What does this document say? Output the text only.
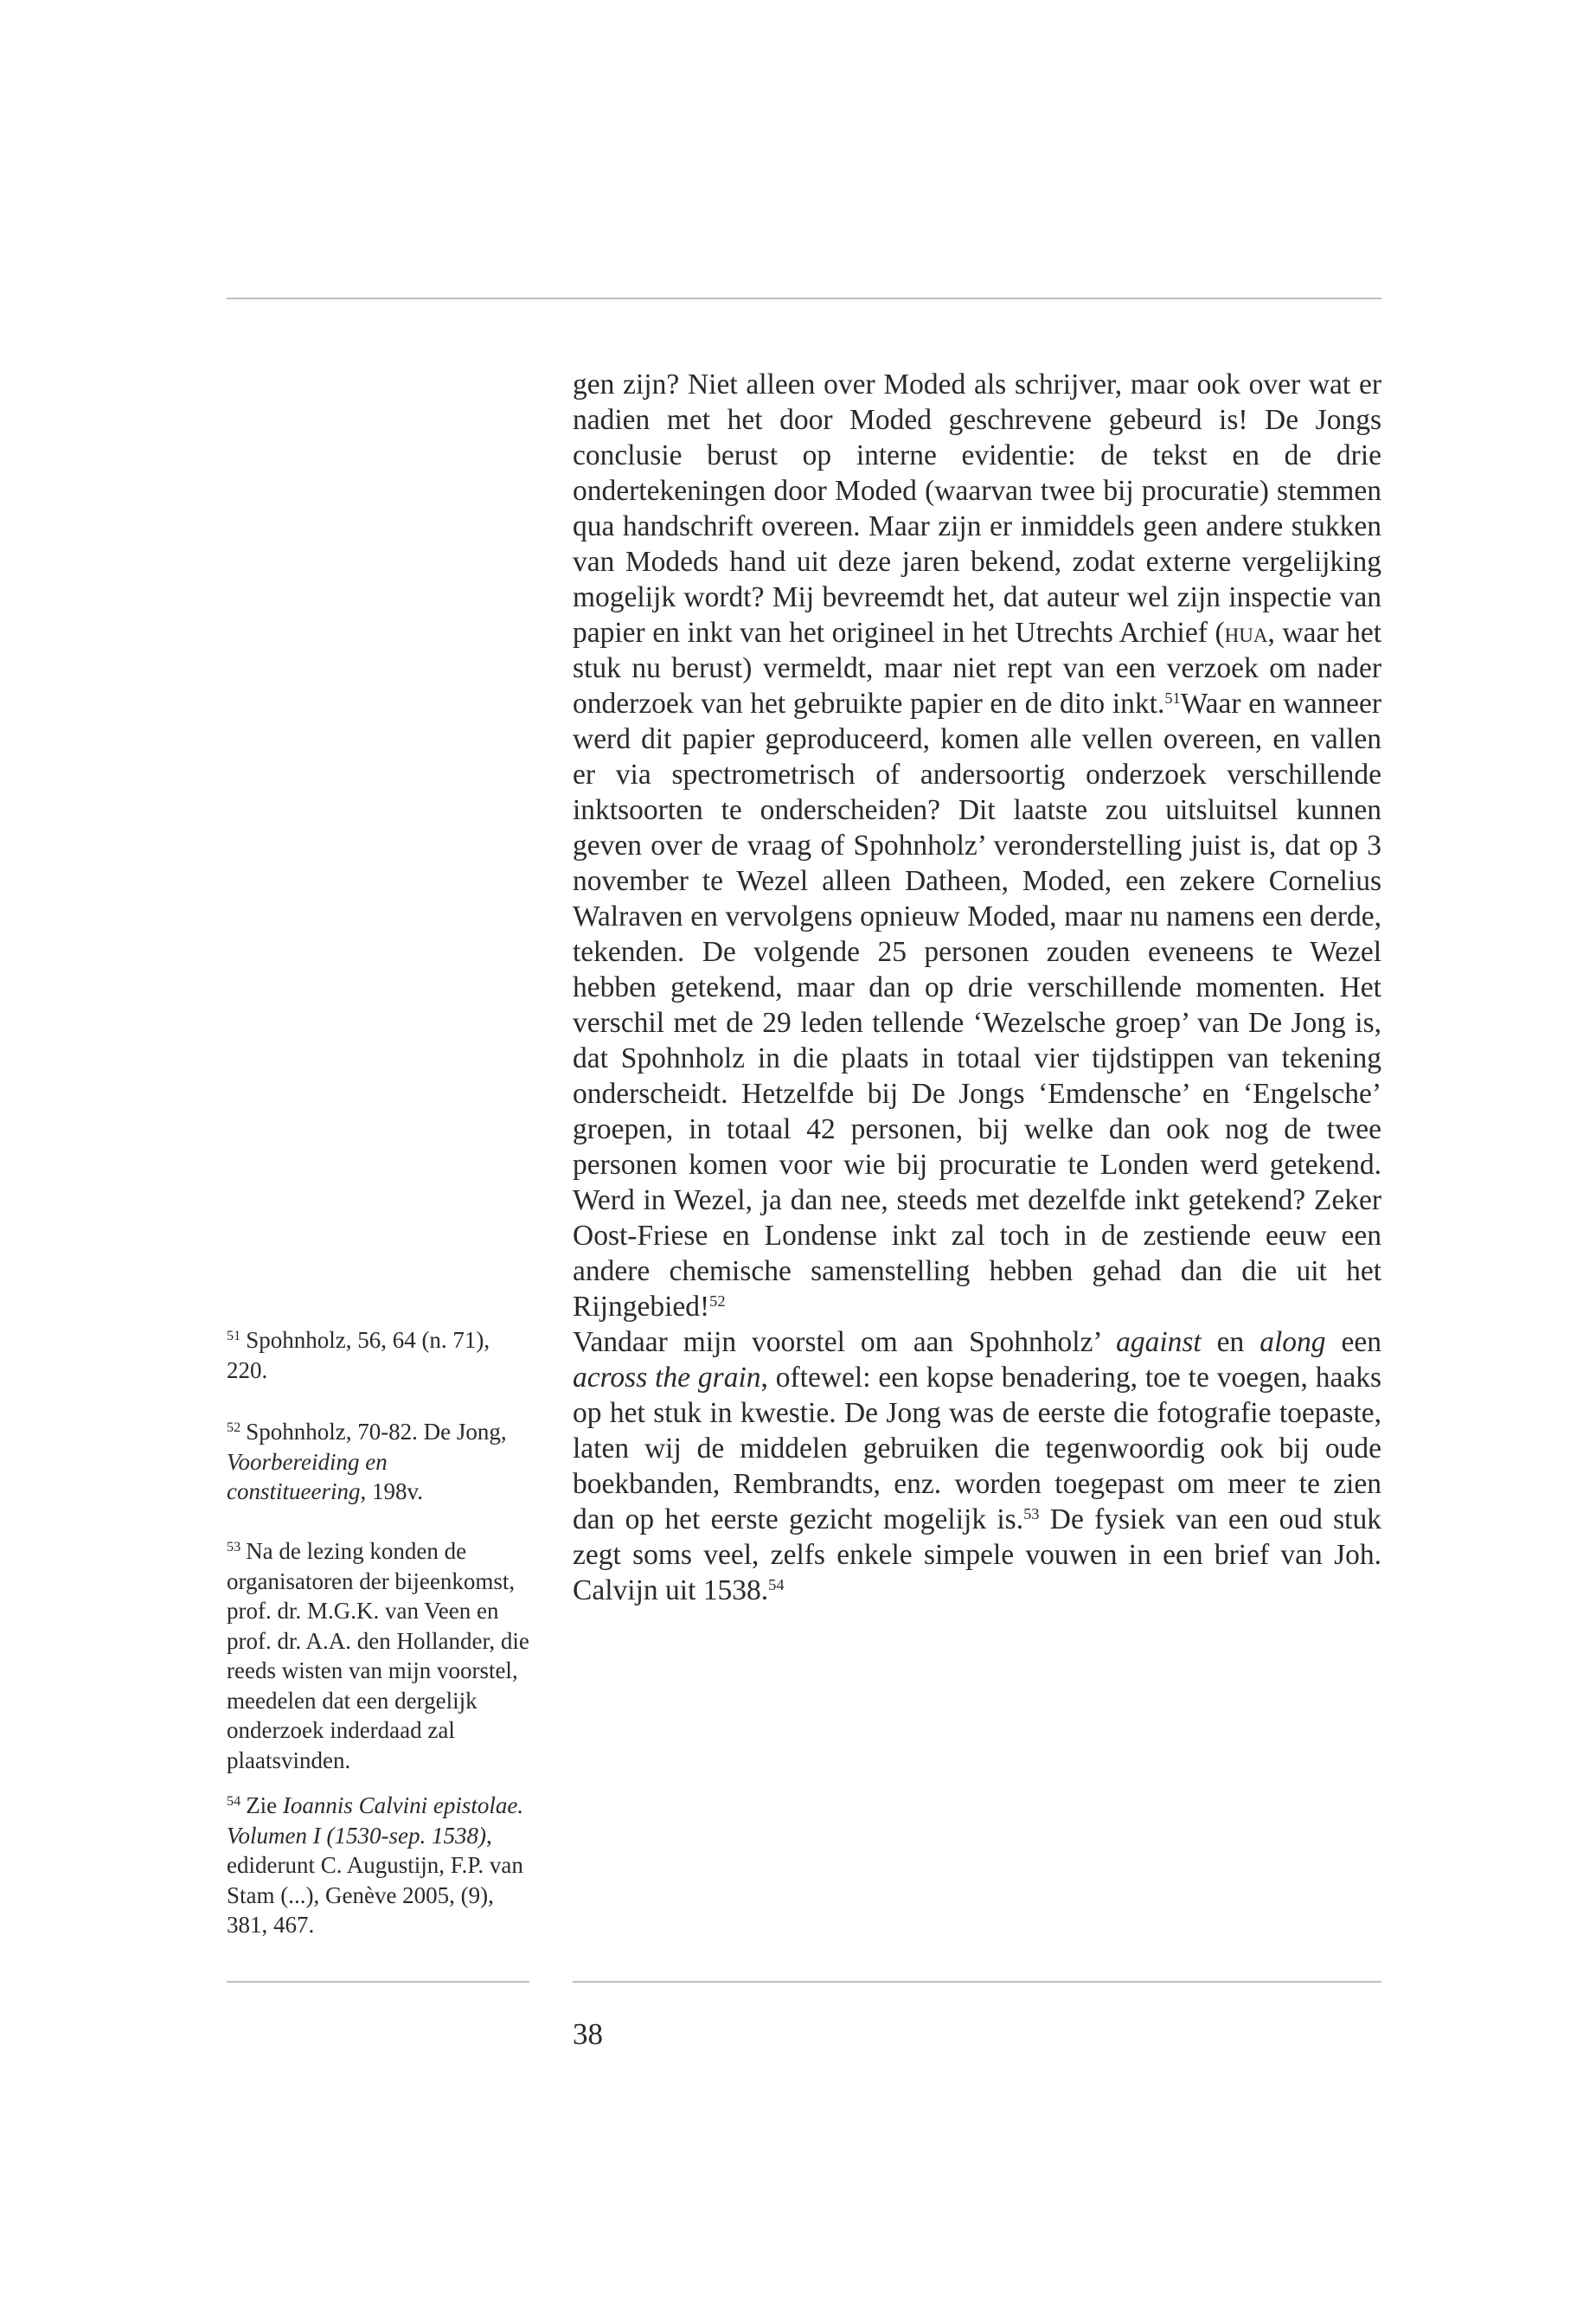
gen zijn? Niet alleen over Moded als schrijver, maar ook over wat er nadien met het door Moded geschrevene gebeurd is! De Jongs conclusie berust op interne evidentie: de tekst en de drie ondertekeningen door Moded (waarvan twee bij procuratie) stemmen qua handschrift overeen. Maar zijn er inmiddels geen andere stukken van Modeds hand uit deze jaren bekend, zodat externe vergelijking mogelijk wordt? Mij bevreemdt het, dat auteur wel zijn inspectie van papier en inkt van het origineel in het Utrechts Archief (hua, waar het stuk nu berust) vermeldt, maar niet rept van een verzoek om nader onderzoek van het gebruikte papier en de dito inkt.$^{51}$Waar en wanneer werd dit papier geproduceerd, komen alle vellen overeen, en vallen er via spectrometrisch of andersoortig onderzoek verschillende inktsoorten te onderscheiden? Dit laatste zou uitsluitsel kunnen geven over de vraag of Spohnholz’ veronderstelling juist is, dat op 3 november te Wezel alleen Datheen, Moded, een zekere Cornelius Walraven en vervolgens opnieuw Moded, maar nu namens een derde, tekenden. De volgende 25 personen zouden eveneens te Wezel hebben getekend, maar dan op drie verschillende momenten. Het verschil met de 29 leden tellende ‘Wezelsche groep’ van De Jong is, dat Spohnholz in die plaats in totaal vier tijdstippen van tekening onderscheidt. Hetzelfde bij De Jongs ‘Emdensche’ en ‘Engelsche’ groepen, in totaal 42 personen, bij welke dan ook nog de twee personen komen voor wie bij procuratie te Londen werd getekend. Werd in Wezel, ja dan nee, steeds met dezelfde inkt getekend? Zeker Oost-Friese en Londense inkt zal toch in de zestiende eeuw een andere chemische samenstelling hebben gehad dan die uit het Rijngebied!$^{52}$

Vandaar mijn voorstel om aan Spohnholz’ against en along een across the grain, oftewel: een kopse benadering, toe te voegen, haaks op het stuk in kwestie. De Jong was de eerste die fotografie toepaste, laten wij de middelen gebruiken die tegenwoordig ook bij oude boekbanden, Rembrandts, enz. worden toegepast om meer te zien dan op het eerste gezicht mogelijk is.$^{53}$ De fysiek van een oud stuk zegt soms veel, zelfs enkele simpele vouwen in een brief van Joh. Calvijn uit 1538.54

$^{51}$ Spohnholz, 56, 64 (n. 71), 220.
$^{52}$ Spohnholz, 70-82. De Jong, Voorbereiding en constitueering, 198v.
$^{53}$ Na de lezing konden de organisatoren der bijeenkomst, prof. dr. M.G.K. van Veen en prof. dr. A.A. den Hollander, die reeds wisten van mijn voorstel, meedelen dat een dergelijk onderzoek inderdaad zal plaatsvinden.
$^{54}$ Zie Ioannis Calvini epistolae. Volumen I (1530-sep. 1538), ediderunt C. Augustijn, F.P. van Stam (...), Genève 2005, (9), 381, 467.
38
